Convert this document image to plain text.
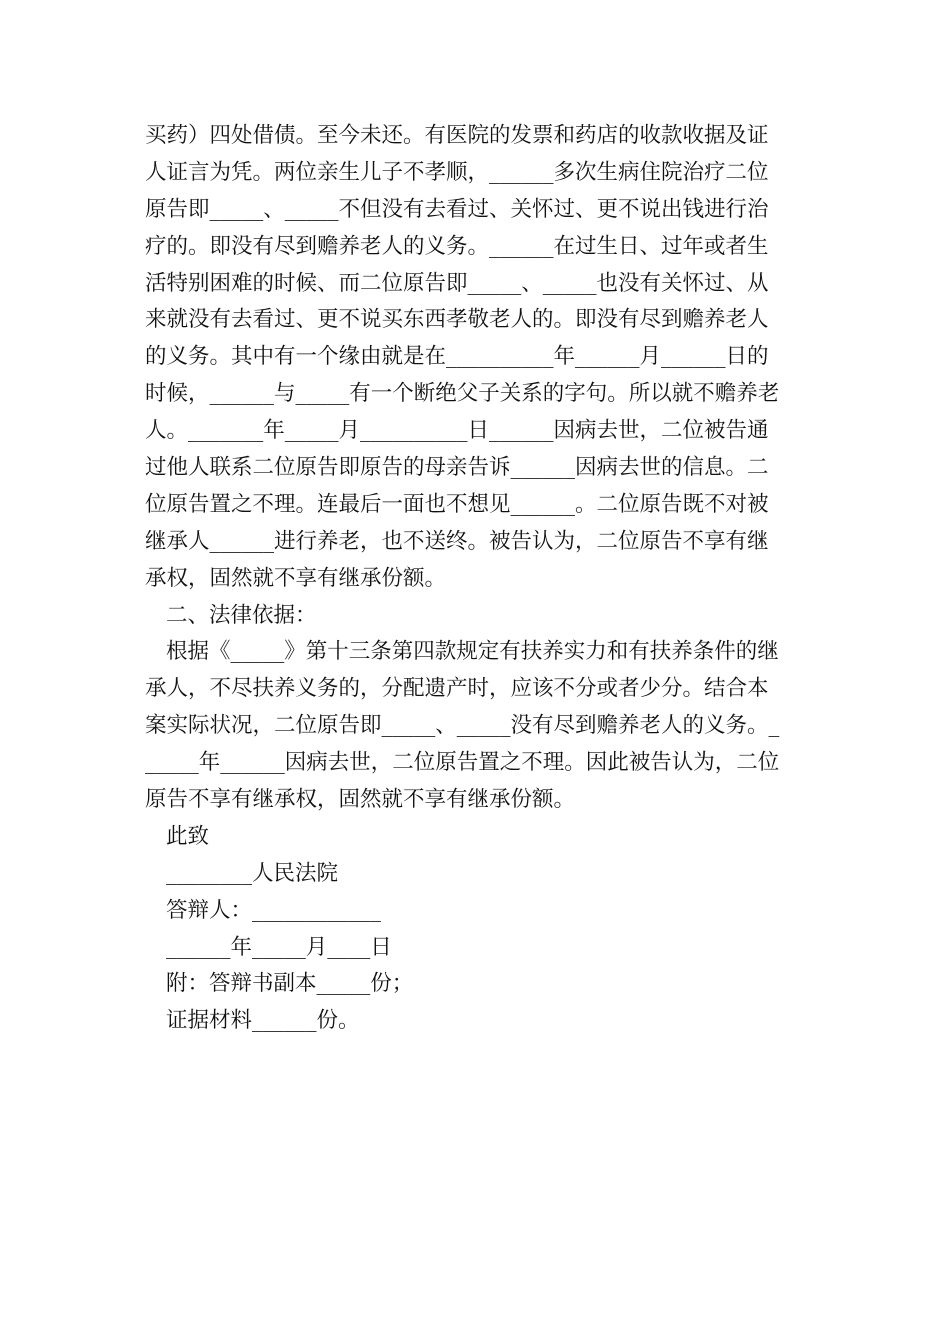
买药）四处借债。至今未还。有医院的发票和药店的收款收据及证
人证言为凭。两位亲生儿子不孝顺，______多次生病住院治疗二位
原告即_____、_____不但没有去看过、关怀过、更不说出钱进行治
疗的。即没有尽到赡养老人的义务。______在过生日、过年或者生
活特别困难的时候、而二位原告即_____、_____也没有关怀过、从
来就没有去看过、更不说买东西孝敬老人的。即没有尽到赡养老人
的义务。其中有一个缘由就是在__________年______月______日的
时候，______与_____有一个断绝父子关系的字句。所以就不赡养老
人。_______年_____月__________日______因病去世，二位被告通
过他人联系二位原告即原告的母亲告诉______因病去世的信息。二
位原告置之不理。连最后一面也不想见______。二位原告既不对被
继承人______进行养老，也不送终。被告认为，二位原告不享有继
承权，固然就不享有继承份额。
二、法律依据：
根据《_____》第十三条第四款规定有扶养实力和有扶养条件的继
承人，不尽扶养义务的，分配遗产时，应该不分或者少分。结合本
案实际状况，二位原告即_____、_____没有尽到赡养老人的义务。_
_____年______因病去世，二位原告置之不理。因此被告认为，二位
原告不享有继承权，固然就不享有继承份额。
此致
________人民法院
答辩人：____________
______年_____月____日
附：答辩书副本_____份；
证据材料______份。
